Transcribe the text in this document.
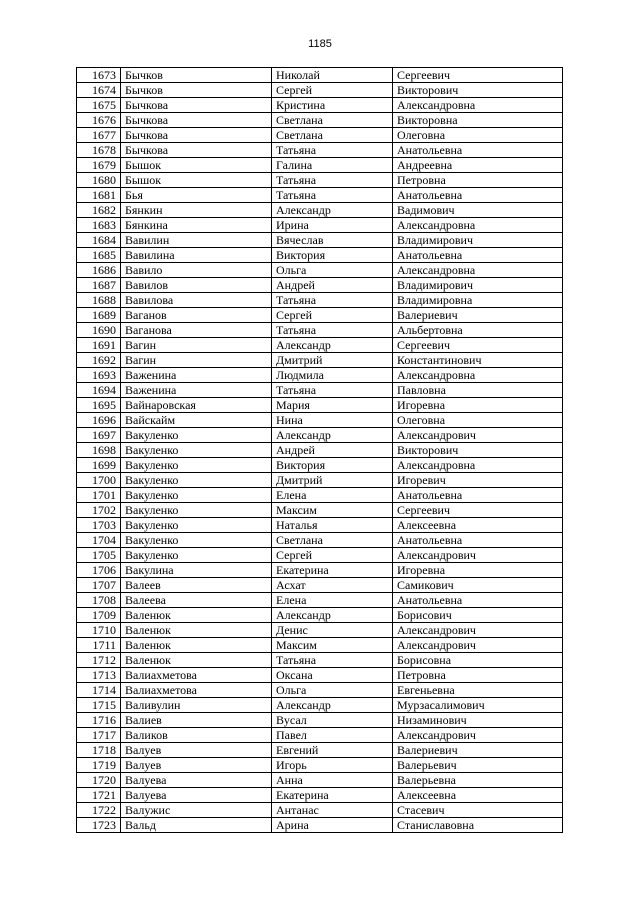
1185
1673	Бычков	Николай	Сергеевич
1674	Бычков	Сергей	Викторович
1675	Бычкова	Кристина	Александровна
1676	Бычкова	Светлана	Викторовна
1677	Бычкова	Светлана	Олеговна
1678	Бычкова	Татьяна	Анатольевна
1679	Бышок	Галина	Андреевна
1680	Бышок	Татьяна	Петровна
1681	Бья	Татьяна	Анатольевна
1682	Бянкин	Александр	Вадимович
1683	Бянкина	Ирина	Александровна
1684	Вавилин	Вячеслав	Владимирович
1685	Вавилина	Виктория	Анатольевна
1686	Вавило	Ольга	Александровна
1687	Вавилов	Андрей	Владимирович
1688	Вавилова	Татьяна	Владимировна
1689	Ваганов	Сергей	Валериевич
1690	Ваганова	Татьяна	Альбертовна
1691	Вагин	Александр	Сергеевич
1692	Вагин	Дмитрий	Константинович
1693	Важенина	Людмила	Александровна
1694	Важенина	Татьяна	Павловна
1695	Вайнаровская	Мария	Игоревна
1696	Вайскайм	Нина	Олеговна
1697	Вакуленко	Александр	Александрович
1698	Вакуленко	Андрей	Викторович
1699	Вакуленко	Виктория	Александровна
1700	Вакуленко	Дмитрий	Игоревич
1701	Вакуленко	Елена	Анатольевна
1702	Вакуленко	Максим	Сергеевич
1703	Вакуленко	Наталья	Алексеевна
1704	Вакуленко	Светлана	Анатольевна
1705	Вакуленко	Сергей	Александрович
1706	Вакулина	Екатерина	Игоревна
1707	Валеев	Асхат	Самикович
1708	Валеева	Елена	Анатольевна
1709	Валенюк	Александр	Борисович
1710	Валенюк	Денис	Александрович
1711	Валенюк	Максим	Александрович
1712	Валенюк	Татьяна	Борисовна
1713	Валиахметова	Оксана	Петровна
1714	Валиахметова	Ольга	Евгеньевна
1715	Валивулин	Александр	Мурзасалимович
1716	Валиев	Вусал	Низаминович
1717	Валиков	Павел	Александрович
1718	Валуев	Евгений	Валериевич
1719	Валуев	Игорь	Валерьевич
1720	Валуева	Анна	Валерьевна
1721	Валуева	Екатерина	Алексеевна
1722	Валужис	Антанас	Стасевич
1723	Вальд	Арина	Станиславовна
